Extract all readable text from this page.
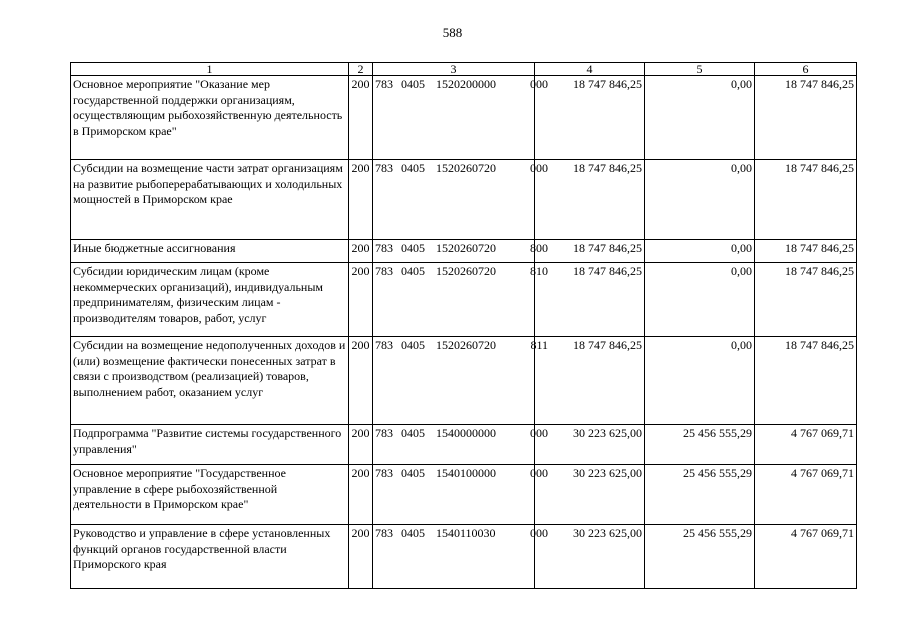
588
1	2	3	4	5	6
Основное мероприятие "Оказание мер государственной поддержки организациям, осуществляющим рыбохозяйственную деятельность в Приморском крае"	200	783 0405 1520200000 000	18 747 846,25	0,00	18 747 846,25
Субсидии на возмещение части затрат организациям на развитие рыбоперерабатывающих и холодильных мощностей в Приморском крае	200	783 0405 1520260720 000	18 747 846,25	0,00	18 747 846,25
Иные бюджетные ассигнования	200	783 0405 1520260720 800	18 747 846,25	0,00	18 747 846,25
Субсидии юридическим лицам (кроме некоммерческих организаций), индивидуальным предпринимателям, физическим лицам - производителям товаров, работ, услуг	200	783 0405 1520260720 810	18 747 846,25	0,00	18 747 846,25
Субсидии на возмещение недополученных доходов и (или) возмещение фактически понесенных затрат в связи с производством (реализацией) товаров, выполнением работ, оказанием услуг	200	783 0405 1520260720 811	18 747 846,25	0,00	18 747 846,25
Подпрограмма "Развитие системы государственного управления"	200	783 0405 1540000000 000	30 223 625,00	25 456 555,29	4 767 069,71
Основное мероприятие "Государственное управление в сфере рыбохозяйственной деятельности в Приморском крае"	200	783 0405 1540100000 000	30 223 625,00	25 456 555,29	4 767 069,71
Руководство и управление в сфере установленных функций органов государственной власти Приморского края	200	783 0405 1540110030 000	30 223 625,00	25 456 555,29	4 767 069,71
